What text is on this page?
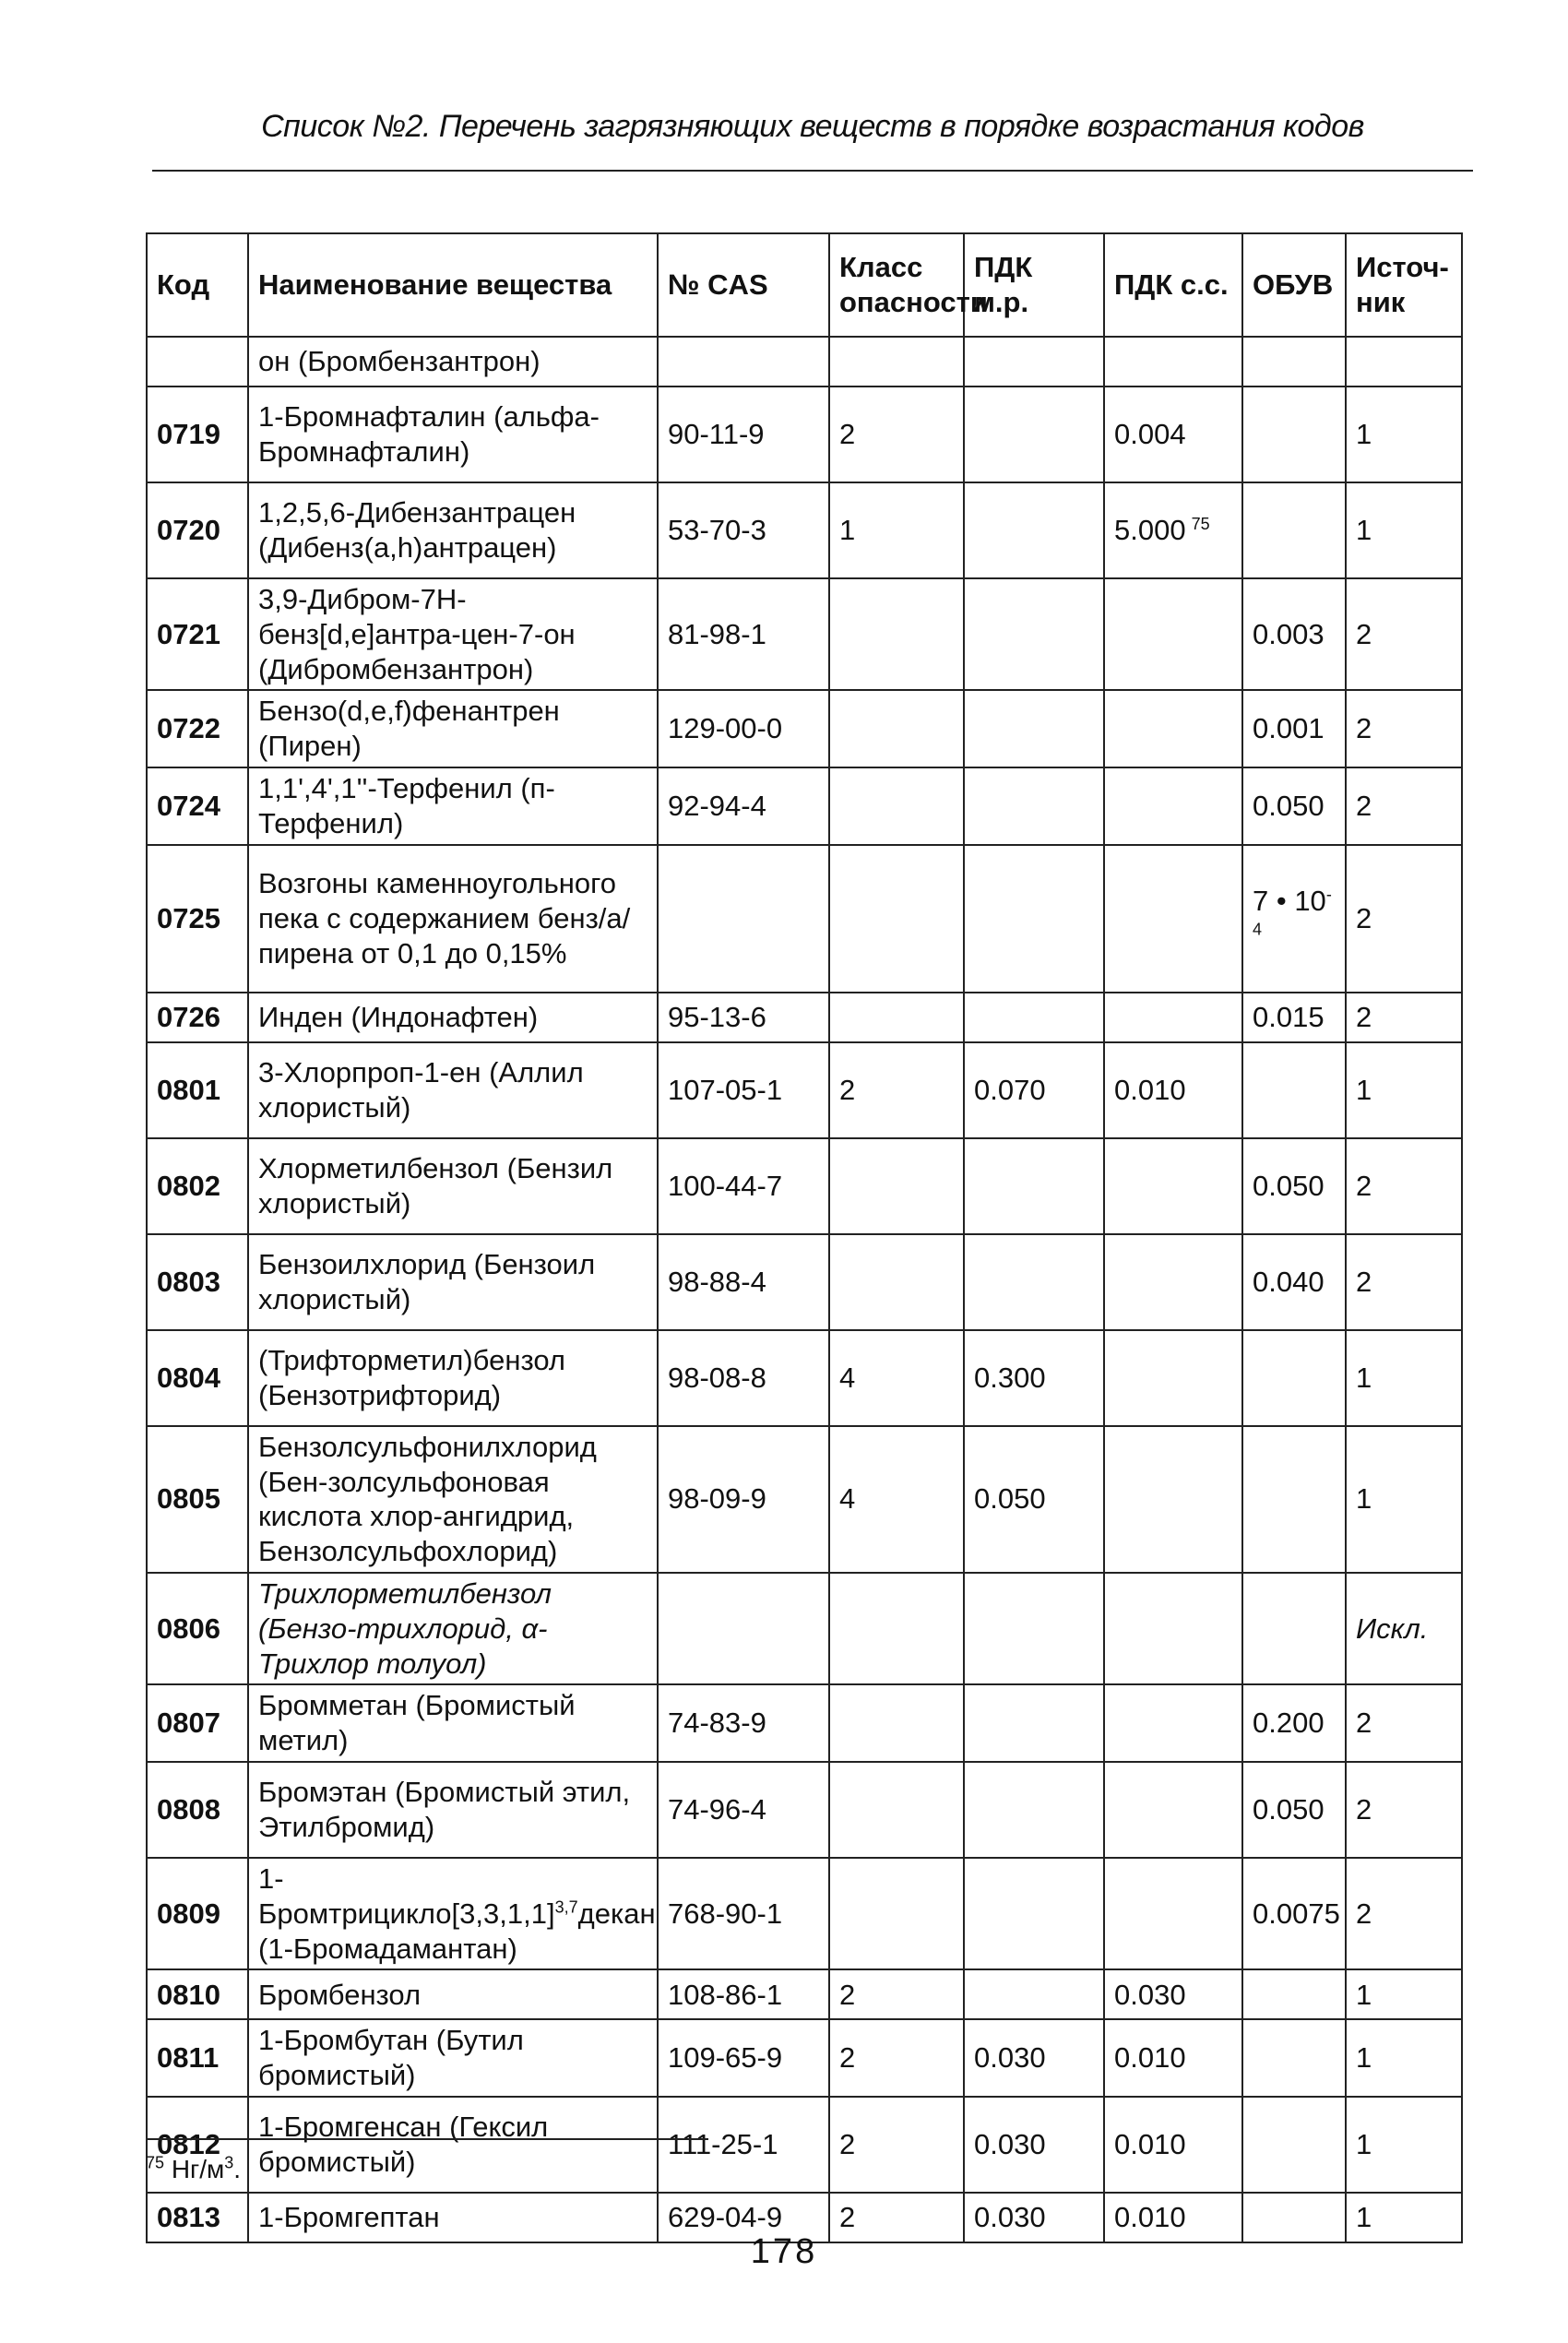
Список №2. Перечень загрязняющих веществ в порядке возрастания кодов
Код	Наименование вещества	№ CAS	Класс опасности	ПДК м.р.	ПДК с.с.	ОБУВ	Источ-ник
	он (Бромбензантрон)						
0719	1-Бромнафталин (альфа-Бромнафталин)	90-11-9	2		0.004		1
0720	1,2,5,6-Дибензантрацен (Дибенз(a,h)антрацен)	53-70-3	1		5.000 $^{75}$		1
0721	3,9-Дибром-7Н-бенз[d,e]антра-цен-7-он (Дибромбензантрон)	81-98-1				0.003	2
0722	Бензо(d,e,f)фенантрен (Пирен)	129-00-0				0.001	2
0724	1,1',4',1''-Терфенил (п-Терфенил)	92-94-4				0.050	2
0725	Возгоны каменноугольного пека с содержанием бенз/а/пирена от 0,1 до 0,15%					7 • $10^{-4}$	2
0726	Инден (Индонафтен)	95-13-6				0.015	2
0801	3-Хлорпроп-1-ен (Аллил хлористый)	107-05-1	2	0.070	0.010		1
0802	Хлорметилбензол (Бензил хлористый)	100-44-7				0.050	2
0803	Бензоилхлорид (Бензоил хлористый)	98-88-4				0.040	2
0804	(Трифторметил)бензол (Бензотрифторид)	98-08-8	4	0.300			1
0805	Бензолсульфонилхлорид (Бен-золсульфоновая кислота хлор-ангидрид, Бензолсульфохлорид)	98-09-9	4	0.050			1
0806	Трихлорметилбензол (Бензо-трихлорид, α-Трихлор толуол)						Искл.
0807	Бромметан (Бромистый метил)	74-83-9				0.200	2
0808	Бромэтан (Бромистый этил, Этилбромид)	74-96-4				0.050	2
0809	$1-Бромтрицикло[3,3,1,1]^{3,7}декан$ (1-Бромадамантан)	768-90-1				0.0075	2
0810	Бромбензол	108-86-1	2		0.030		1
0811	1-Бромбутан (Бутил бромистый)	109-65-9	2	0.030	0.010		1
0812	1-Бромгенсан (Гексил бромистый)	111-25-1	2	0.030	0.010		1
0813	1-Бромгептан	629-04-9	2	0.030	0.010		1
$^{75}$ $Нг/м^3$.
178
